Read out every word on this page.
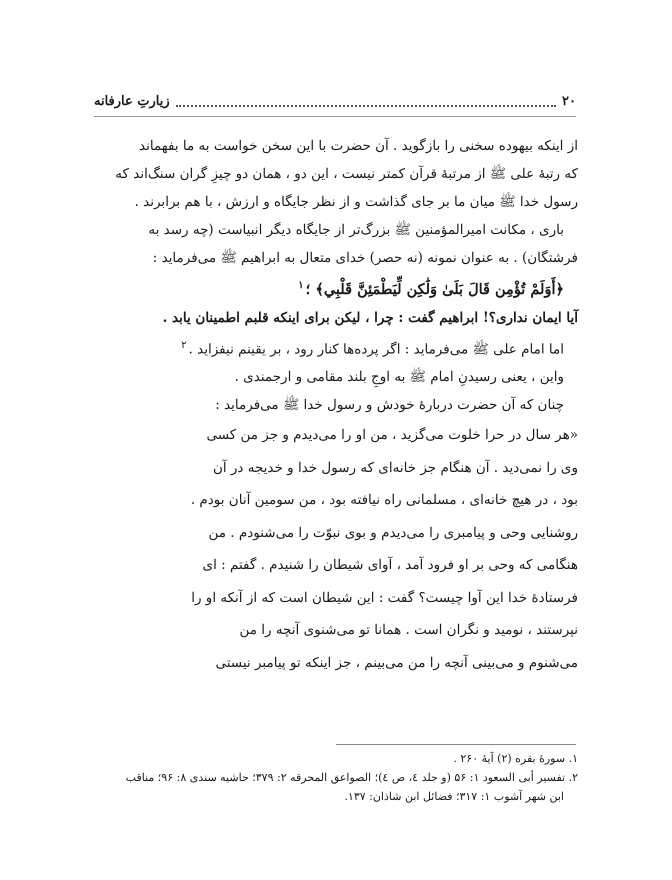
۲۰
زیارتِ عارفانه

از اینکه بیهوده سخنی را بازگوید . آن حضرت با این سخن خواست به ما بفهماند

که رتبهٔ علی ﷺ از مرتبهٔ قرآن کمتر نیست ، این دو ، همان دو چیزِ گران سنگ‌اند که

رسول خدا ﷺ میان ما بر جای گذاشت و از نظر جایگاه و ارزش ، با هم برابرند .

باری ، مکانت امیرالمؤمنین ﷺ بزرگ‌تر از جایگاه دیگر انبیاست (چه رسد به

فرشتگان) . به عنوان نمونه (نه حصر) خدای متعال به ابراهیم ﷺ می‌فرماید :

﴿أَوَلَمْ تُؤْمِن قَالَ بَلَىٰ وَلَٰكِن لِّيَطْمَئِنَّ قَلْبِي﴾ ؛$^۱$

آیا ایمان نداری؟! ابراهیم گفت : چرا ، لیکن برای اینکه قلبم اطمینان یابد .

اما امام علی ﷺ می‌فرماید : اگر پرده‌ها کنار رود ، بر یقینم نیفزاید .$^۲$

واین ، یعنی رسیدنِ امام ﷺ به اوجِ بلند مقامی و ارجمندی .

چنان که آن حضرت دربارهٔ خودش و رسول خدا ﷺ می‌فرماید :

«هر سال در حرا خلوت می‌گزید ، من او را می‌دیدم و جز من کسی

وی را نمی‌دید . آن هنگام جز خانه‌ای که رسول خدا و خدیجه در آن

بود ، در هیچ خانه‌ای ، مسلمانی راه نیافته بود ، من سومین آنان بودم .

روشنایی وحی و پیامبری را می‌دیدم و بوی نبوّت را می‌شنودم . من

هنگامی که وحی بر او فرود آمد ، آوای شیطان را شنیدم . گفتم : ای

فرستادهٔ خدا این آوا چیست؟ گفت : این شیطان است که از آنکه او را

نپرستند ، نومید و نگران است . همانا تو می‌شنوی آنچه را من

می‌شنوم و می‌بینی آنچه را من می‌بینم ، جز اینکه تو پیامبر نیستی

۱. سورهٔ بقره (۲) آیهٔ ۲۶۰ .

۲. تفسیر أبی السعود ۱: ۵۶ (و جلد ٤، ص ٤)؛ الصواعق المحرقه ۲: ۳۷۹؛ حاشیه سندی ۸: ۹۶؛ مناقب

ابن شهر آشوب ۱: ۳۱۷؛ فضائل ابن شاذان: ۱۳۷.
